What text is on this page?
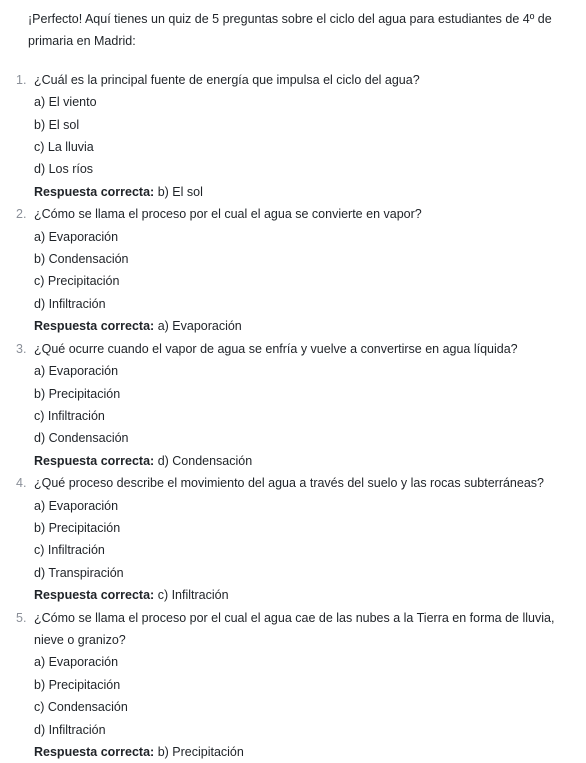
¡Perfecto! Aquí tienes un quiz de 5 preguntas sobre el ciclo del agua para estudiantes de 4º de primaria en Madrid:
1. ¿Cuál es la principal fuente de energía que impulsa el ciclo del agua?
a) El viento
b) El sol
c) La lluvia
d) Los ríos
Respuesta correcta: b) El sol
2. ¿Cómo se llama el proceso por el cual el agua se convierte en vapor?
a) Evaporación
b) Condensación
c) Precipitación
d) Infiltración
Respuesta correcta: a) Evaporación
3. ¿Qué ocurre cuando el vapor de agua se enfría y vuelve a convertirse en agua líquida?
a) Evaporación
b) Precipitación
c) Infiltración
d) Condensación
Respuesta correcta: d) Condensación
4. ¿Qué proceso describe el movimiento del agua a través del suelo y las rocas subterráneas?
a) Evaporación
b) Precipitación
c) Infiltración
d) Transpiración
Respuesta correcta: c) Infiltración
5. ¿Cómo se llama el proceso por el cual el agua cae de las nubes a la Tierra en forma de lluvia, nieve o granizo?
a) Evaporación
b) Precipitación
c) Condensación
d) Infiltración
Respuesta correcta: b) Precipitación
